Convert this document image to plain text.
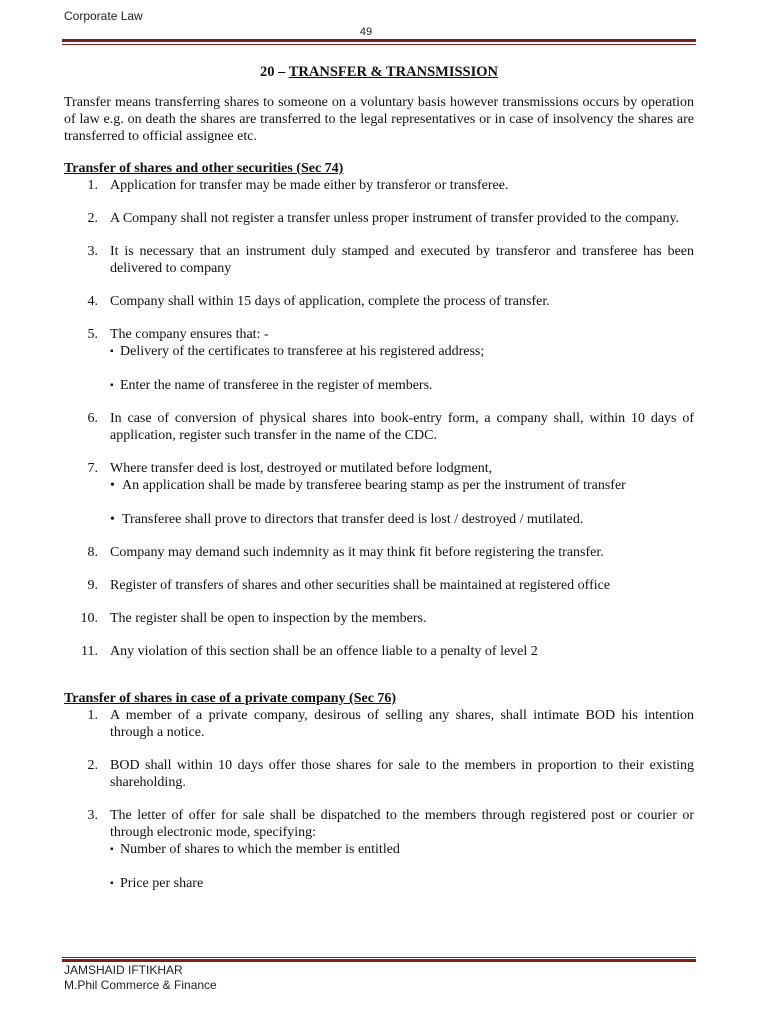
Corporate Law
49

20 – TRANSFER & TRANSMISSION

Transfer means transferring shares to someone on a voluntary basis however transmissions occurs by operation of law e.g. on death the shares are transferred to the legal representatives or in case of insolvency the shares are transferred to official assignee etc.

Transfer of shares and other securities (Sec 74)

1. Application for transfer may be made either by transferor or transferee.
2. A Company shall not register a transfer unless proper instrument of transfer provided to the company.
3. It is necessary that an instrument duly stamped and executed by transferor and transferee has been delivered to company
4. Company shall within 15 days of application, complete the process of transfer.
5. The company ensures that: -
▪ Delivery of the certificates to transferee at his registered address;
▪ Enter the name of transferee in the register of members.
6. In case of conversion of physical shares into book-entry form, a company shall, within 10 days of application, register such transfer in the name of the CDC.
7. Where transfer deed is lost, destroyed or mutilated before lodgment,
• An application shall be made by transferee bearing stamp as per the instrument of transfer
• Transferee shall prove to directors that transfer deed is lost / destroyed / mutilated.
8. Company may demand such indemnity as it may think fit before registering the transfer.
9. Register of transfers of shares and other securities shall be maintained at registered office
10. The register shall be open to inspection by the members.
11. Any violation of this section shall be an offence liable to a penalty of level 2

Transfer of shares in case of a private company (Sec 76)

1. A member of a private company, desirous of selling any shares, shall intimate BOD his intention through a notice.
2. BOD shall within 10 days offer those shares for sale to the members in proportion to their existing shareholding.
3. The letter of offer for sale shall be dispatched to the members through registered post or courier or through electronic mode, specifying:
▪ Number of shares to which the member is entitled
▪ Price per share
JAMSHAID IFTIKHAR
M.Phil Commerce & Finance
